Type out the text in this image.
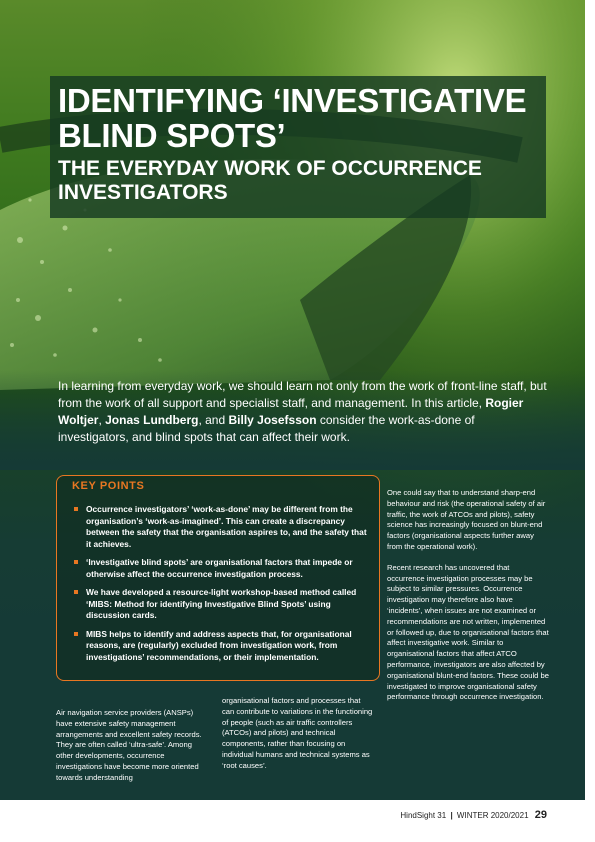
IDENTIFYING ‘INVESTIGATIVE BLIND SPOTS’
THE EVERYDAY WORK OF OCCURRENCE INVESTIGATORS

In learning from everyday work, we should learn not only from the work of front-line staff, but from the work of all support and specialist staff, and management. In this article, Rogier Woltjer, Jonas Lundberg, and Billy Josefsson consider the work-as-done of investigators, and blind spots that can affect their work.

KEY POINTS
Occurrence investigators’ ‘work-as-done’ may be different from the organisation’s ‘work-as-imagined’. This can create a discrepancy between the safety that the organisation aspires to, and the safety that it achieves.
‘Investigative blind spots’ are organisational factors that impede or otherwise affect the occurrence investigation process.
We have developed a resource-light workshop-based method called ‘MIBS: Method for identifying Investigative Blind Spots’ using discussion cards.
MIBS helps to identify and address aspects that, for organisational reasons, are (regularly) excluded from investigation work, from investigations’ recommendations, or their implementation.

One could say that to understand sharp-end behaviour and risk (the operational safety of air traffic, the work of ATCOs and pilots), safety science has increasingly focused on blunt-end factors (organisational aspects further away from the operational work).

Recent research has uncovered that occurrence investigation processes may be subject to similar pressures. Occurrence investigation may therefore also have ‘incidents’, when issues are not examined or recommendations are not written, implemented or followed up, due to organisational factors that affect investigative work. Similar to organisational factors that affect ATCO performance, investigators are also affected by organisational blunt-end factors. These could be investigated to improve organisational safety performance through occurrence investigation.

Air navigation service providers (ANSPs) have extensive safety management arrangements and excellent safety records. They are often called ‘ultra-safe’. Among other developments, occurrence investigations have become more oriented towards understanding

organisational factors and processes that can contribute to variations in the functioning of people (such as air traffic controllers (ATCOs) and pilots) and technical components, rather than focusing on individual humans and technical systems as ‘root causes’.

HindSight 31 | WINTER 2020/2021 29
